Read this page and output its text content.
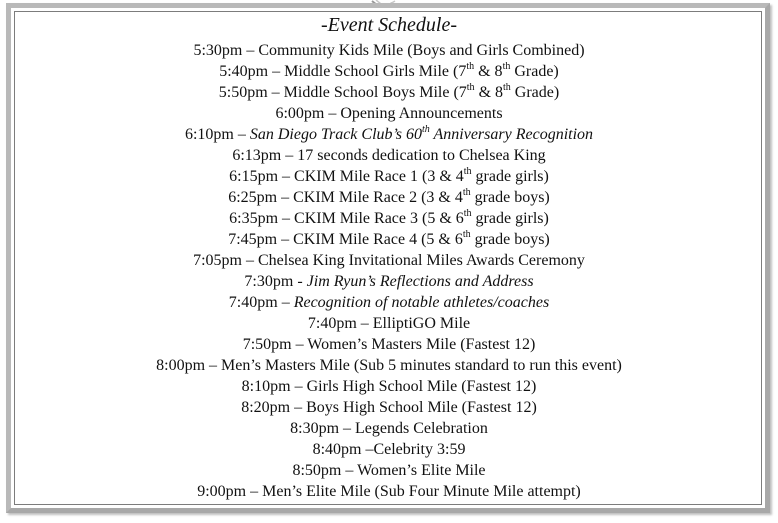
-Event Schedule-
5:30pm – Community Kids Mile (Boys and Girls Combined)
5:40pm – Middle School Girls Mile (7th & 8th Grade)
5:50pm – Middle School Boys Mile (7th & 8th Grade)
6:00pm – Opening Announcements
6:10pm – San Diego Track Club’s 60th Anniversary Recognition
6:13pm – 17 seconds dedication to Chelsea King
6:15pm – CKIM Mile Race 1 (3 & 4th grade girls)
6:25pm – CKIM Mile Race 2 (3 & 4th grade boys)
6:35pm – CKIM Mile Race 3 (5 & 6th grade girls)
7:45pm – CKIM Mile Race 4 (5 & 6th grade boys)
7:05pm – Chelsea King Invitational Miles Awards Ceremony
7:30pm - Jim Ryun’s Reflections and Address
7:40pm – Recognition of notable athletes/coaches
7:40pm – ElliptiGO Mile
7:50pm – Women’s Masters Mile (Fastest 12)
8:00pm – Men’s Masters Mile (Sub 5 minutes standard to run this event)
8:10pm – Girls High School Mile (Fastest 12)
8:20pm – Boys High School Mile (Fastest 12)
8:30pm – Legends Celebration
8:40pm –Celebrity 3:59
8:50pm – Women’s Elite Mile
9:00pm – Men’s Elite Mile (Sub Four Minute Mile attempt)
